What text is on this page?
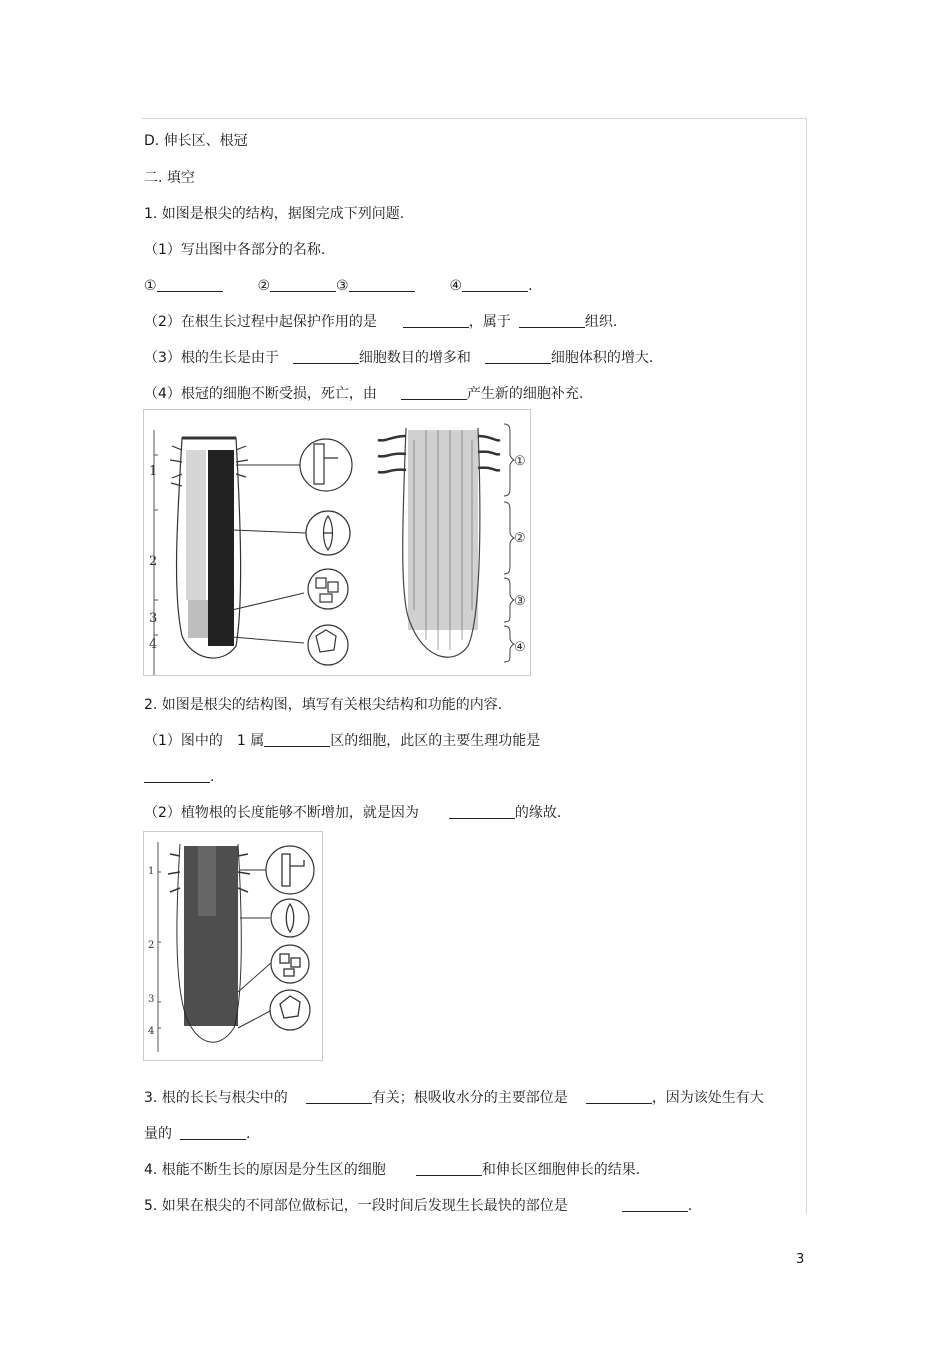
D. 伸长区、根冠
二. 填空
1. 如图是根尖的结构，据图完成下列问题.
（1）写出图中各部分的名称.
①	②	③	④	.
（2）在根生长过程中起保护作用的是	，属于	组织.
（3）根的生长是由于	细胞数目的增多和	细胞体积的增大.
（4）根冠的细胞不断受损，死亡，由	产生新的细胞补充.
1
2
3
4
①
②
③
④
2. 如图是根尖的结构图，填写有关根尖结构和功能的内容.
（1）图中的　1 属	区的细胞，此区的主要生理功能是
.
（2）植物根的长度能够不断增加，就是因为	的缘故.
1
2
3
4
3. 根的长长与根尖中的	有关；根吸收水分的主要部位是	，因为该处生有大
量的	.
4. 根能不断生长的原因是分生区的细胞	和伸长区细胞伸长的结果.
5. 如果在根尖的不同部位做标记，一段时间后发现生长最快的部位是	.
3
